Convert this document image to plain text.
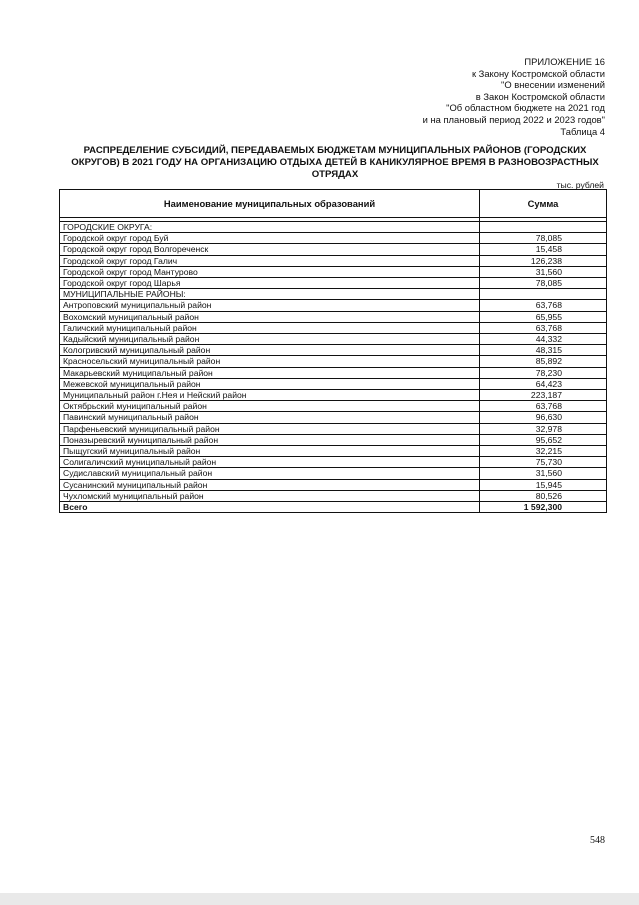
ПРИЛОЖЕНИЕ 16
к Закону Костромской области
"О внесении изменений
в Закон Костромской области
"Об областном бюджете на 2021 год
и на плановый период 2022 и 2023 годов"
Таблица 4
РАСПРЕДЕЛЕНИЕ СУБСИДИЙ, ПЕРЕДАВАЕМЫХ БЮДЖЕТАМ МУНИЦИПАЛЬНЫХ РАЙОНОВ (ГОРОДСКИХ
ОКРУГОВ) В 2021 ГОДУ НА ОРГАНИЗАЦИЮ ОТДЫХА ДЕТЕЙ В КАНИКУЛЯРНОЕ ВРЕМЯ В РАЗНОВОЗРАСТНЫХ
ОТРЯДАХ
тыс. рублей
Наименование муниципальных образований	Сумма

ГОРОДСКИЕ ОКРУГА:	
Городской округ город Буй	78,085
Городской округ город Волгореченск	15,458
Городской округ город Галич	126,238
Городской округ город Мантурово	31,560
Городской округ город Шарья	78,085
МУНИЦИПАЛЬНЫЕ РАЙОНЫ:	
Антроповский муниципальный район	63,768
Вохомский муниципальный район	65,955
Галичский муниципальный район	63,768
Кадыйский муниципальный район	44,332
Кологривский муниципальный район	48,315
Красносельский муниципальный район	85,892
Макарьевский муниципальный район	78,230
Межевской муниципальный район	64,423
Муниципальный район г.Нея и Нейский район	223,187
Октябрьский муниципальный район	63,768
Павинский муниципальный район	96,630
Парфеньевский муниципальный район	32,978
Поназыревский муниципальный район	95,652
Пыщугский муниципальный район	32,215
Солигаличский муниципальный район	75,730
Судиславский муниципальный район	31,560
Сусанинский муниципальный район	15,945
Чухломский муниципальный район	80,526
Всего	1 592,300
548
